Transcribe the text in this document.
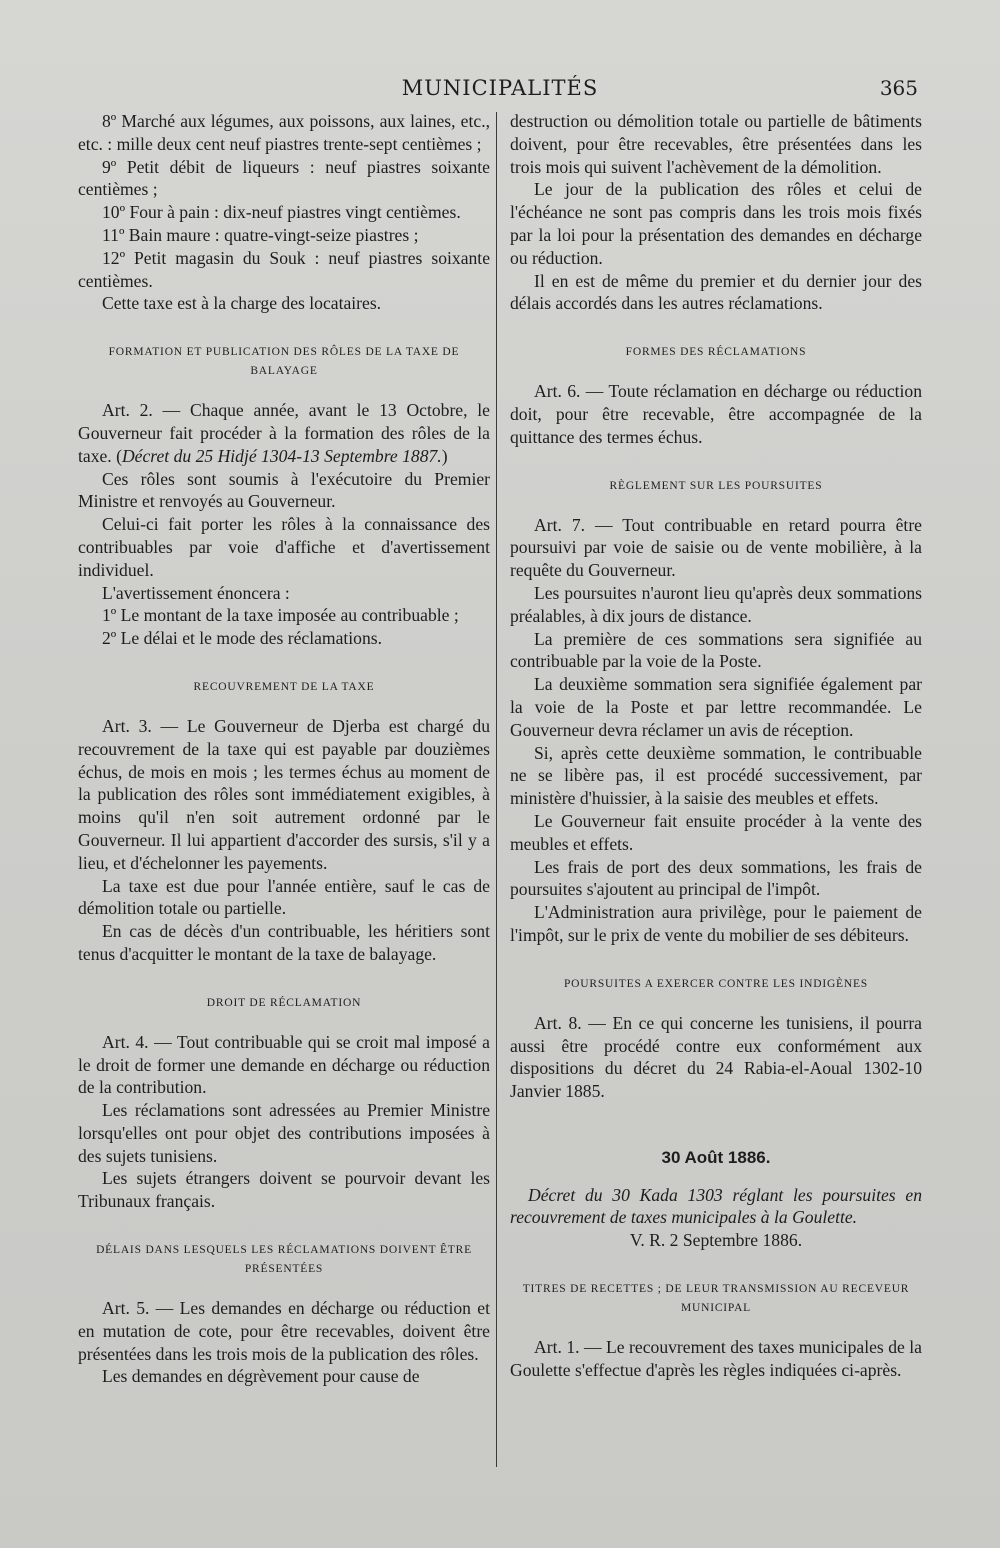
MUNICIPALITÉS	365

8º Marché aux légumes, aux poissons, aux laines, etc., etc. : mille deux cent neuf piastres trente-sept centièmes ;

9º Petit débit de liqueurs : neuf piastres soixante centièmes ;

10º Four à pain : dix-neuf piastres vingt centièmes.

11º Bain maure : quatre-vingt-seize piastres ;

12º Petit magasin du Souk : neuf piastres soixante centièmes.

Cette taxe est à la charge des locataires.

FORMATION ET PUBLICATION DES RÔLES DE LA TAXE DE BALAYAGE

Art. 2. — Chaque année, avant le 13 Octobre, le Gouverneur fait procéder à la formation des rôles de la taxe. (Décret du 25 Hidjé 1304-13 Septembre 1887.)

Ces rôles sont soumis à l'exécutoire du Premier Ministre et renvoyés au Gouverneur.

Celui-ci fait porter les rôles à la connaissance des contribuables par voie d'affiche et d'avertissement individuel.

L'avertissement énoncera :

1º Le montant de la taxe imposée au contribuable ;

2º Le délai et le mode des réclamations.

RECOUVREMENT DE LA TAXE

Art. 3. — Le Gouverneur de Djerba est chargé du recouvrement de la taxe qui est payable par douzièmes échus, de mois en mois ; les termes échus au moment de la publication des rôles sont immédiatement exigibles, à moins qu'il n'en soit autrement ordonné par le Gouverneur. Il lui appartient d'accorder des sursis, s'il y a lieu, et d'échelonner les payements.

La taxe est due pour l'année entière, sauf le cas de démolition totale ou partielle.

En cas de décès d'un contribuable, les héritiers sont tenus d'acquitter le montant de la taxe de balayage.

DROIT DE RÉCLAMATION

Art. 4. — Tout contribuable qui se croit mal imposé a le droit de former une demande en décharge ou réduction de la contribution.

Les réclamations sont adressées au Premier Ministre lorsqu'elles ont pour objet des contributions imposées à des sujets tunisiens.

Les sujets étrangers doivent se pourvoir devant les Tribunaux français.

DÉLAIS DANS LESQUELS LES RÉCLAMATIONS DOIVENT ÊTRE PRÉSENTÉES

Art. 5. — Les demandes en décharge ou réduction et en mutation de cote, pour être recevables, doivent être présentées dans les trois mois de la publication des rôles.

Les demandes en dégrèvement pour cause de

destruction ou démolition totale ou partielle de bâtiments doivent, pour être recevables, être présentées dans les trois mois qui suivent l'achèvement de la démolition.

Le jour de la publication des rôles et celui de l'échéance ne sont pas compris dans les trois mois fixés par la loi pour la présentation des demandes en décharge ou réduction.

Il en est de même du premier et du dernier jour des délais accordés dans les autres réclamations.

FORMES DES RÉCLAMATIONS

Art. 6. — Toute réclamation en décharge ou réduction doit, pour être recevable, être accompagnée de la quittance des termes échus.

RÈGLEMENT SUR LES POURSUITES

Art. 7. — Tout contribuable en retard pourra être poursuivi par voie de saisie ou de vente mobilière, à la requête du Gouverneur.

Les poursuites n'auront lieu qu'après deux sommations préalables, à dix jours de distance.

La première de ces sommations sera signifiée au contribuable par la voie de la Poste.

La deuxième sommation sera signifiée également par la voie de la Poste et par lettre recommandée. Le Gouverneur devra réclamer un avis de réception.

Si, après cette deuxième sommation, le contribuable ne se libère pas, il est procédé successivement, par ministère d'huissier, à la saisie des meubles et effets.

Le Gouverneur fait ensuite procéder à la vente des meubles et effets.

Les frais de port des deux sommations, les frais de poursuites s'ajoutent au principal de l'impôt.

L'Administration aura privilège, pour le paiement de l'impôt, sur le prix de vente du mobilier de ses débiteurs.

POURSUITES A EXERCER CONTRE LES INDIGÈNES

Art. 8. — En ce qui concerne les tunisiens, il pourra aussi être procédé contre eux conformément aux dispositions du décret du 24 Rabia-el-Aoual 1302-10 Janvier 1885.

30 Août 1886.

Décret du 30 Kada 1303 réglant les poursuites en recouvrement de taxes municipales à la Goulette.

V. R. 2 Septembre 1886.

TITRES DE RECETTES ; DE LEUR TRANSMISSION AU RECEVEUR MUNICIPAL

Art. 1. — Le recouvrement des taxes municipales de la Goulette s'effectue d'après les règles indiquées ci-après.
